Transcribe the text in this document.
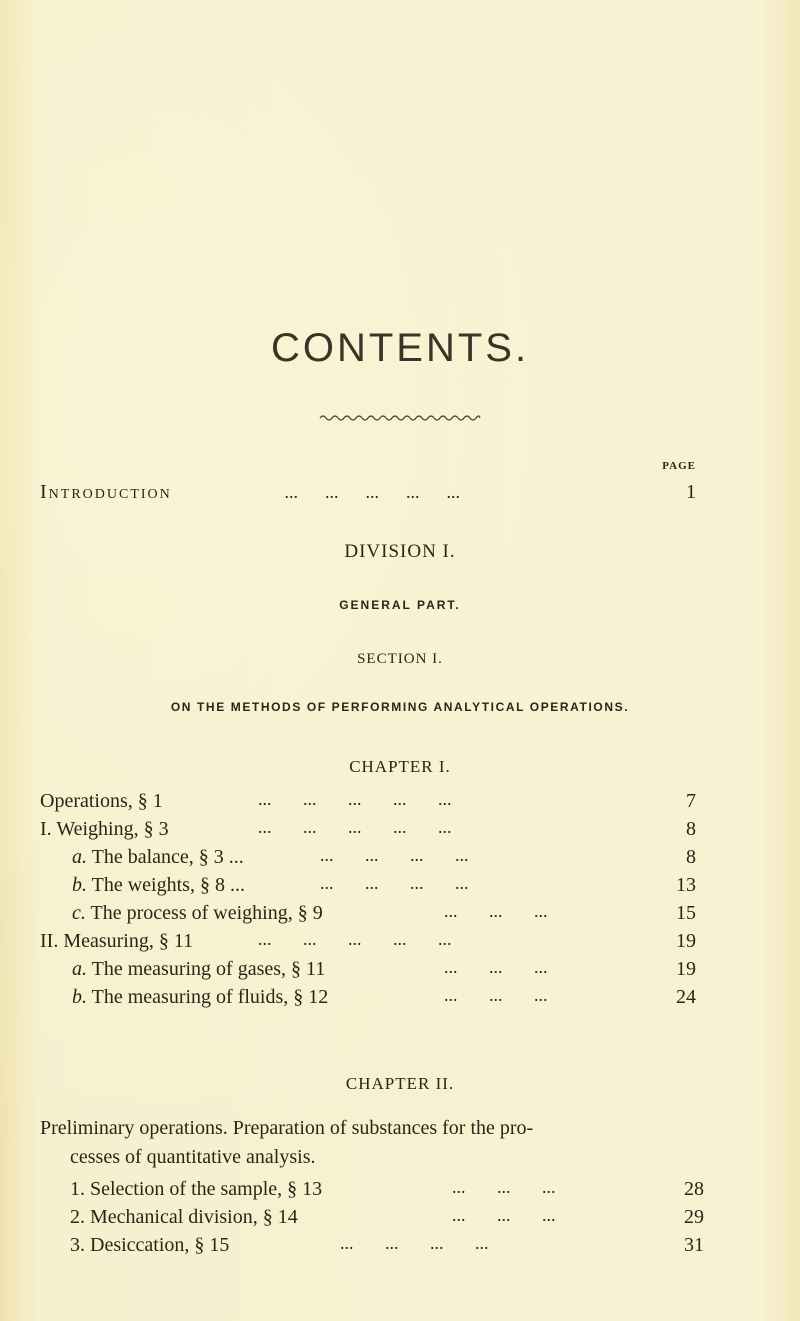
CONTENTS.
PAGE
Introduction	...      ...      ...      ...      ...	1
DIVISION I.
GENERAL PART.
SECTION I.
ON THE METHODS OF PERFORMING ANALYTICAL OPERATIONS.
CHAPTER I.
Operations, § 1	...       ...       ...       ...       ...	7
I. Weighing, § 3	...       ...       ...       ...       ...	8
a. The balance, § 3 ...	...       ...       ...       ...	8
b. The weights, § 8 ...	...       ...       ...       ...	13
c. The process of weighing, § 9	...       ...       ...	15
II. Measuring, § 11	...       ...       ...       ...       ...	19
a. The measuring of gases, § 11	...       ...       ...	19
b. The measuring of fluids, § 12	...       ...       ...	24
CHAPTER II.
Preliminary operations. Preparation of substances for the pro-
cesses of quantitative analysis.
1. Selection of the sample, § 13	...       ...       ...	28
2. Mechanical division, § 14	...       ...       ...	29
3. Desiccation, § 15	...       ...       ...       ...	31
